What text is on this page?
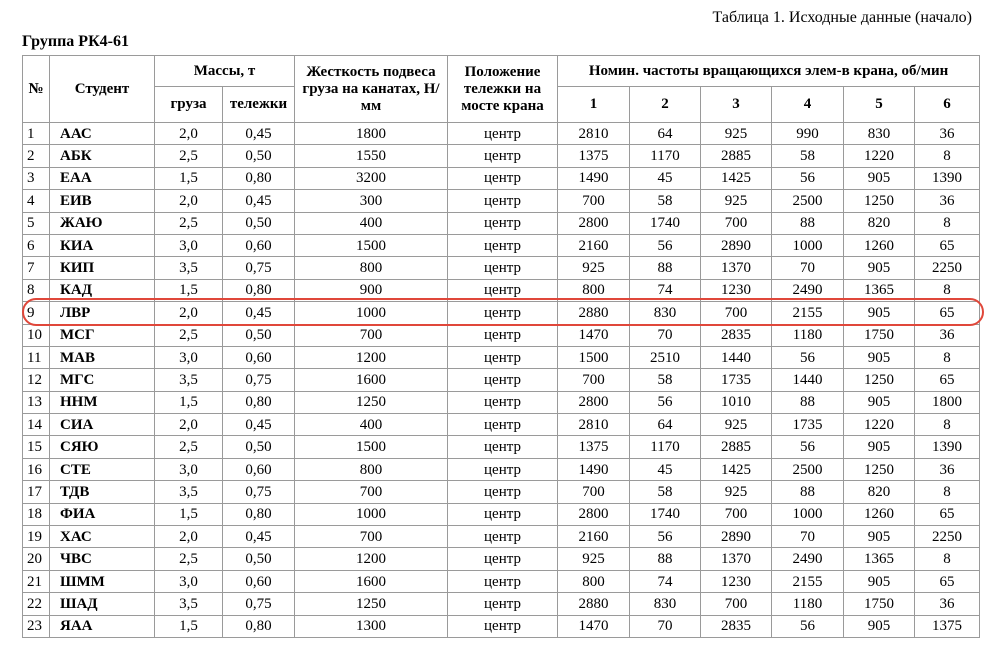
Таблица 1. Исходные данные (начало)
Группа РК4-61
№	Студент	Массы, т		Жесткость подвеса груза на канатах, Н/мм	Положение тележки на мосте крана	Номин. частоты вращающихся элем-в крана, об/мин					
		груза	тележки			1	2	3	4	5	6
1	ААС	2,0	0,45	1800	центр	2810	64	925	990	830	36
2	АБК	2,5	0,50	1550	центр	1375	1170	2885	58	1220	8
3	ЕАА	1,5	0,80	3200	центр	1490	45	1425	56	905	1390
4	ЕИВ	2,0	0,45	300	центр	700	58	925	2500	1250	36
5	ЖАЮ	2,5	0,50	400	центр	2800	1740	700	88	820	8
6	КИА	3,0	0,60	1500	центр	2160	56	2890	1000	1260	65
7	КИП	3,5	0,75	800	центр	925	88	1370	70	905	2250
8	КАД	1,5	0,80	900	центр	800	74	1230	2490	1365	8
9	ЛВР	2,0	0,45	1000	центр	2880	830	700	2155	905	65
10	МСГ	2,5	0,50	700	центр	1470	70	2835	1180	1750	36
11	МАВ	3,0	0,60	1200	центр	1500	2510	1440	56	905	8
12	МГС	3,5	0,75	1600	центр	700	58	1735	1440	1250	65
13	ННМ	1,5	0,80	1250	центр	2800	56	1010	88	905	1800
14	СИА	2,0	0,45	400	центр	2810	64	925	1735	1220	8
15	СЯЮ	2,5	0,50	1500	центр	1375	1170	2885	56	905	1390
16	СТЕ	3,0	0,60	800	центр	1490	45	1425	2500	1250	36
17	ТДВ	3,5	0,75	700	центр	700	58	925	88	820	8
18	ФИА	1,5	0,80	1000	центр	2800	1740	700	1000	1260	65
19	ХАС	2,0	0,45	700	центр	2160	56	2890	70	905	2250
20	ЧВС	2,5	0,50	1200	центр	925	88	1370	2490	1365	8
21	ШММ	3,0	0,60	1600	центр	800	74	1230	2155	905	65
22	ШАД	3,5	0,75	1250	центр	2880	830	700	1180	1750	36
23	ЯАА	1,5	0,80	1300	центр	1470	70	2835	56	905	1375
